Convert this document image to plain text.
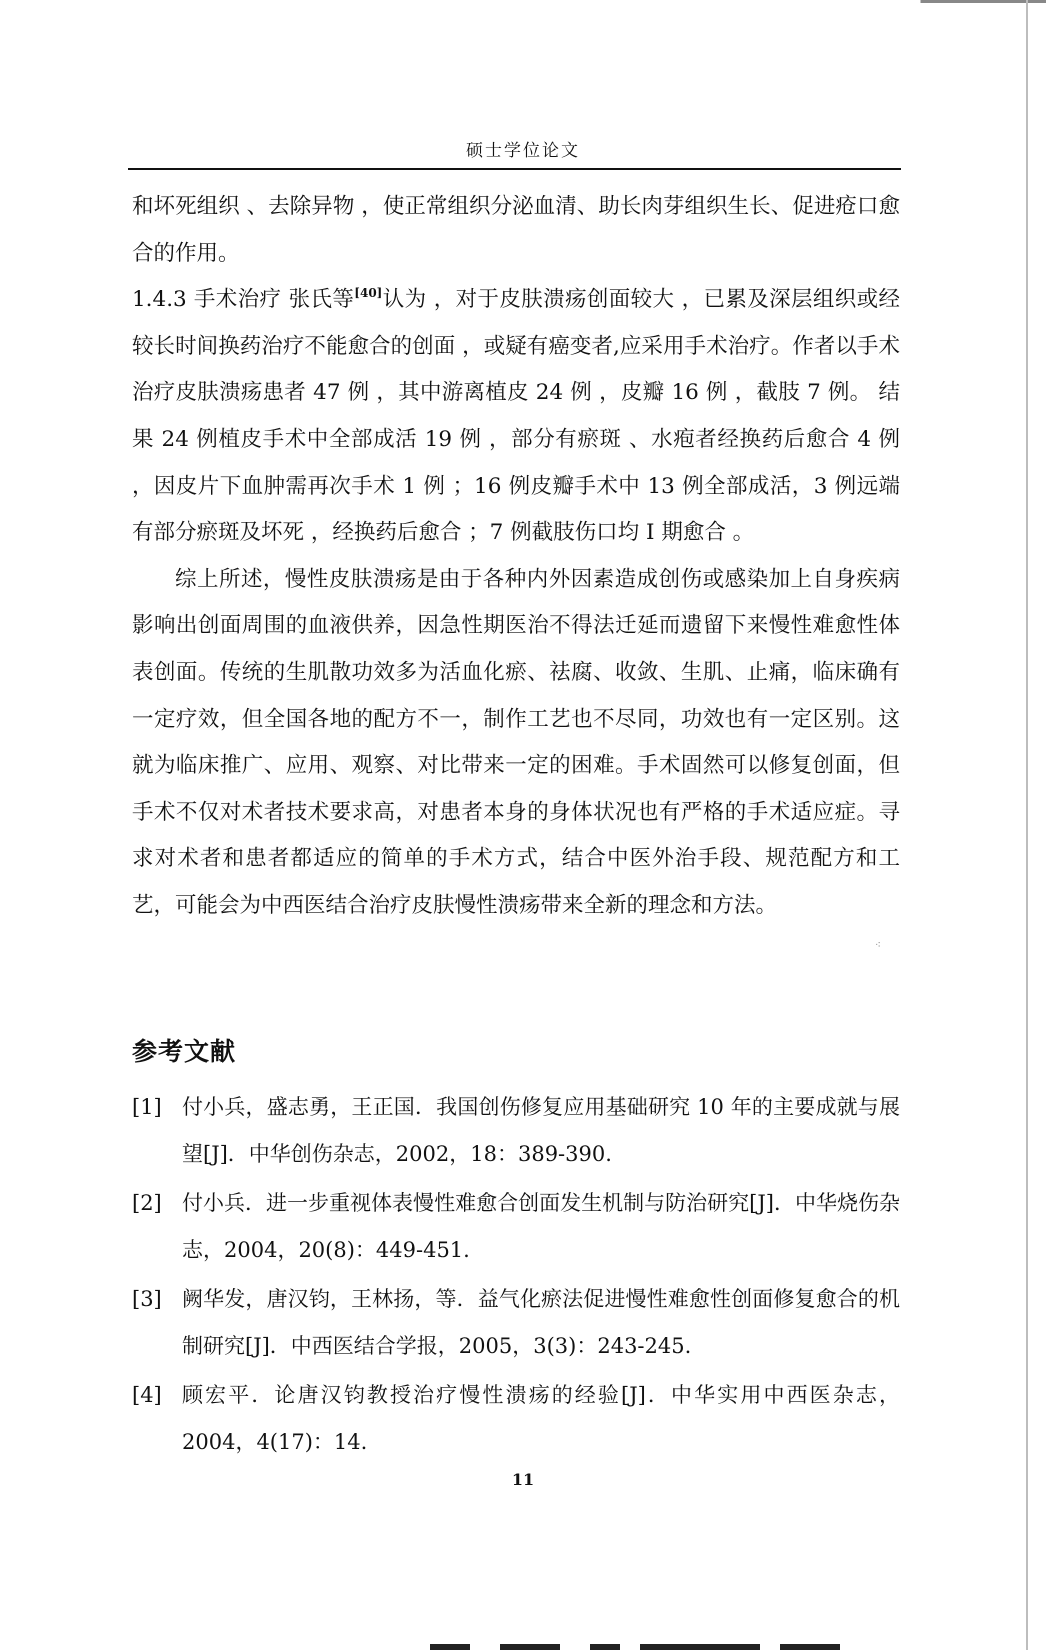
硕士学位论文

和坏死组织 、去除异物 ，使正常组织分泌血清、助长肉芽组织生长、促进疮口愈合的作用。

1.4.3 手术治疗 张氏等[40]认为 ，对于皮肤溃疡创面较大 ，已累及深层组织或经较长时间换药治疗不能愈合的创面 ，或疑有癌变者,应采用手术治疗。作者以手术治疗皮肤溃疡患者 47 例 ，其中游离植皮 24 例 ，皮瓣 16 例 ，截肢 7 例。 结果 24 例植皮手术中全部成活 19 例 ，部分有瘀斑 、水疱者经换药后愈合 4 例 ，因皮片下血肿需再次手术 1 例 ；16 例皮瓣手术中 13 例全部成活，3 例远端有部分瘀斑及坏死 ，经换药后愈合 ；7 例截肢伤口均 I 期愈合 。

综上所述，慢性皮肤溃疡是由于各种内外因素造成创伤或感染加上自身疾病影响出创面周围的血液供养，因急性期医治不得法迁延而遗留下来慢性难愈性体表创面。传统的生肌散功效多为活血化瘀、祛腐、收敛、生肌、止痛，临床确有一定疗效，但全国各地的配方不一，制作工艺也不尽同，功效也有一定区别。这就为临床推广、应用、观察、对比带来一定的困难。手术固然可以修复创面，但手术不仅对术者技术要求高，对患者本身的身体状况也有严格的手术适应症。寻求对术者和患者都适应的简单的手术方式，结合中医外治手段、规范配方和工艺，可能会为中西医结合治疗皮肤慢性溃疡带来全新的理念和方法。

⁖
参考文献
[1] 付小兵，盛志勇，王正国．我国创伤修复应用基础研究 10 年的主要成就与展望[J]．中华创伤杂志，2002，18：389-390.
[2] 付小兵．进一步重视体表慢性难愈合创面发生机制与防治研究[J]．中华烧伤杂志，2004，20(8)：449-451.
[3] 阙华发，唐汉钧，王林扬，等．益气化瘀法促进慢性难愈性创面修复愈合的机制研究[J]．中西医结合学报，2005，3(3)：243-245.
[4] 顾宏平．论唐汉钧教授治疗慢性溃疡的经验[J]．中华实用中西医杂志，2004，4(17)：14.
11
